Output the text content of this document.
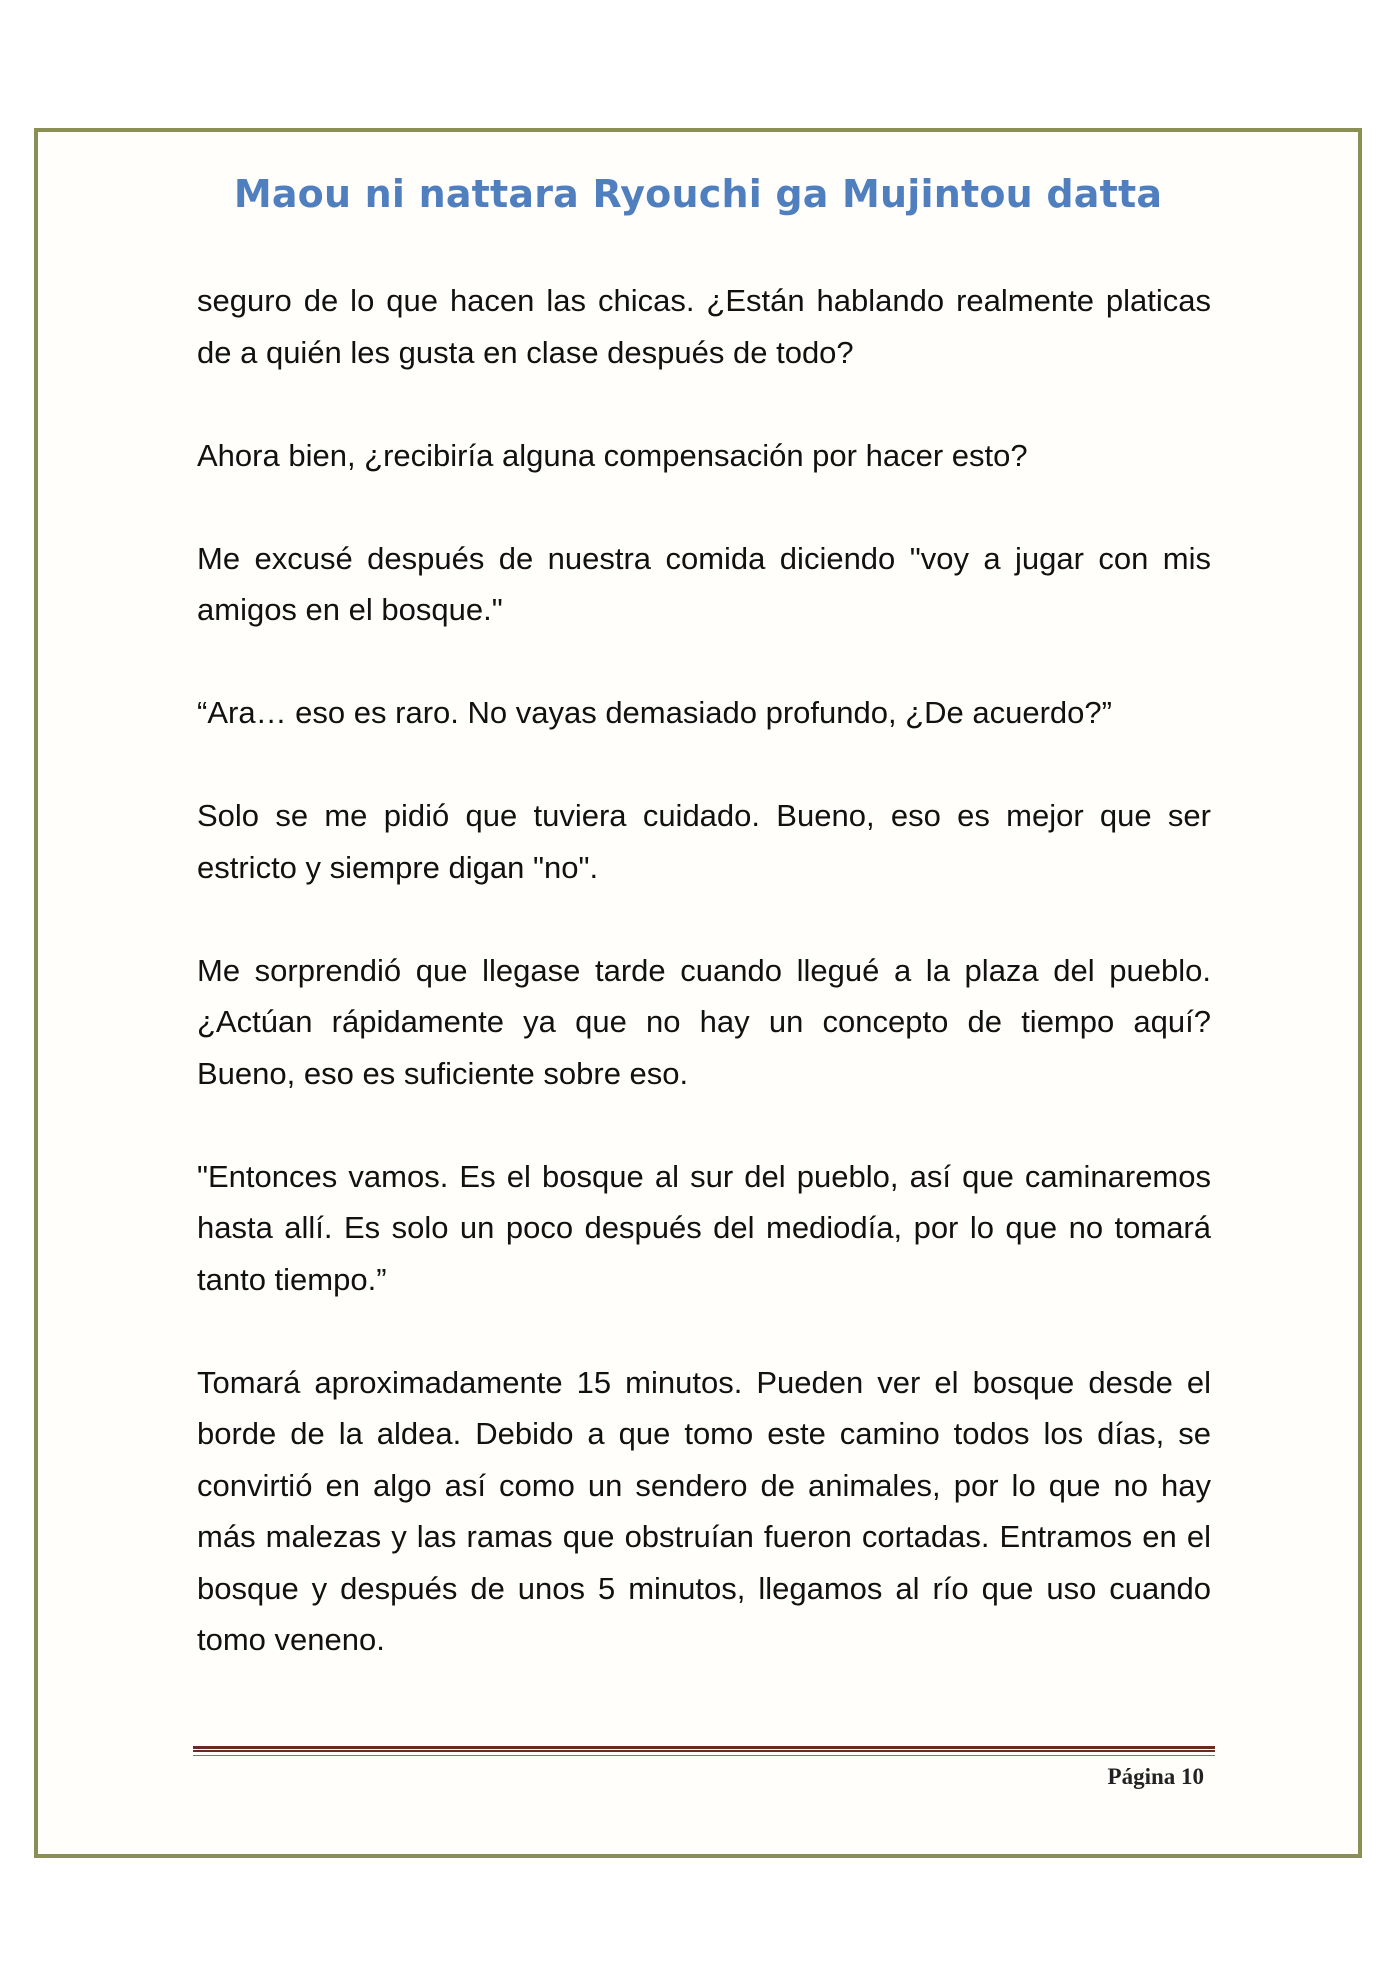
Maou ni nattara Ryouchi ga Mujintou datta

seguro de lo que hacen las chicas. ¿Están hablando realmente platicas de a quién les gusta en clase después de todo?

Ahora bien, ¿recibiría alguna compensación por hacer esto?

Me excusé después de nuestra comida diciendo "voy a jugar con mis amigos en el bosque."

“Ara… eso es raro. No vayas demasiado profundo, ¿De acuerdo?”

Solo se me pidió que tuviera cuidado. Bueno, eso es mejor que ser estricto y siempre digan "no".

Me sorprendió que llegase tarde cuando llegué a la plaza del pueblo. ¿Actúan rápidamente ya que no hay un concepto de tiempo aquí? Bueno, eso es suficiente sobre eso.

"Entonces vamos. Es el bosque al sur del pueblo, así que caminaremos hasta allí. Es solo un poco después del mediodía, por lo que no tomará tanto tiempo.”

Tomará aproximadamente 15 minutos. Pueden ver el bosque desde el borde de la aldea. Debido a que tomo este camino todos los días, se convirtió en algo así como un sendero de animales, por lo que no hay más malezas y las ramas que obstruían fueron cortadas. Entramos en el bosque y después de unos 5 minutos, llegamos al río que uso cuando tomo veneno.

Página 10
